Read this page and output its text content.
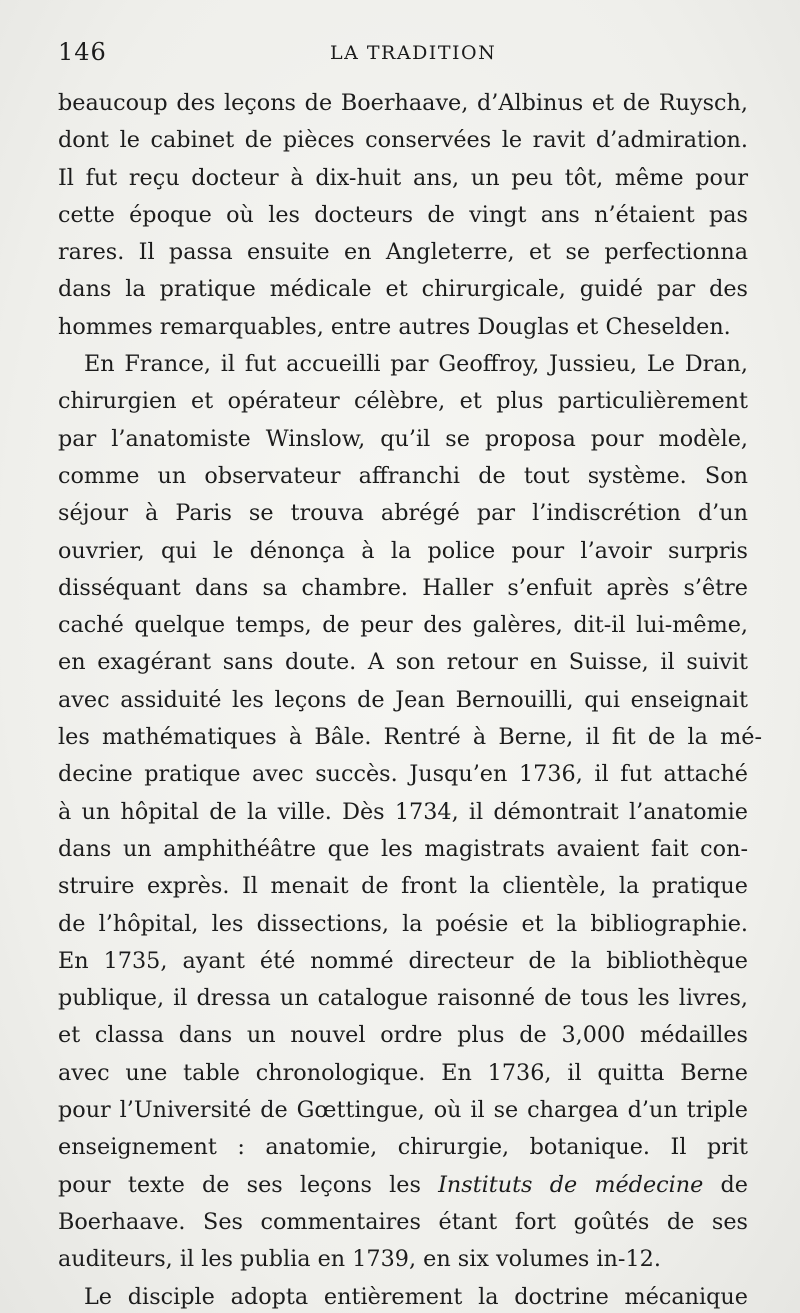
146	LA TRADITION
beaucoup des leçons de Boerhaave, d’Albinus et de Ruysch,
dont le cabinet de pièces conservées le ravit d’admiration.
Il fut reçu docteur à dix-huit ans, un peu tôt, même pour
cette époque où les docteurs de vingt ans n’étaient pas
rares. Il passa ensuite en Angleterre, et se perfectionna
dans la pratique médicale et chirurgicale, guidé par des
hommes remarquables, entre autres Douglas et Cheselden.
En France, il fut accueilli par Geoffroy, Jussieu, Le Dran,
chirurgien et opérateur célèbre, et plus particulièrement
par l’anatomiste Winslow, qu’il se proposa pour modèle,
comme un observateur affranchi de tout système. Son
séjour à Paris se trouva abrégé par l’indiscrétion d’un
ouvrier, qui le dénonça à la police pour l’avoir surpris
disséquant dans sa chambre. Haller s’enfuit après s’être
caché quelque temps, de peur des galères, dit-il lui-même,
en exagérant sans doute. A son retour en Suisse, il suivit
avec assiduité les leçons de Jean Bernouilli, qui enseignait
les mathématiques à Bâle. Rentré à Berne, il fit de la mé-
decine pratique avec succès. Jusqu’en 1736, il fut attaché
à un hôpital de la ville. Dès 1734, il démontrait l’anatomie
dans un amphithéâtre que les magistrats avaient fait con-
struire exprès. Il menait de front la clientèle, la pratique
de l’hôpital, les dissections, la poésie et la bibliographie.
En 1735, ayant été nommé directeur de la bibliothèque
publique, il dressa un catalogue raisonné de tous les livres,
et classa dans un nouvel ordre plus de 3,000 médailles
avec une table chronologique. En 1736, il quitta Berne
pour l’Université de Gœttingue, où il se chargea d’un triple
enseignement : anatomie, chirurgie, botanique. Il prit
pour texte de ses leçons les Instituts de médecine de
Boerhaave. Ses commentaires étant fort goûtés de ses
auditeurs, il les publia en 1739, en six volumes in-12.
Le disciple adopta entièrement la doctrine mécanique
